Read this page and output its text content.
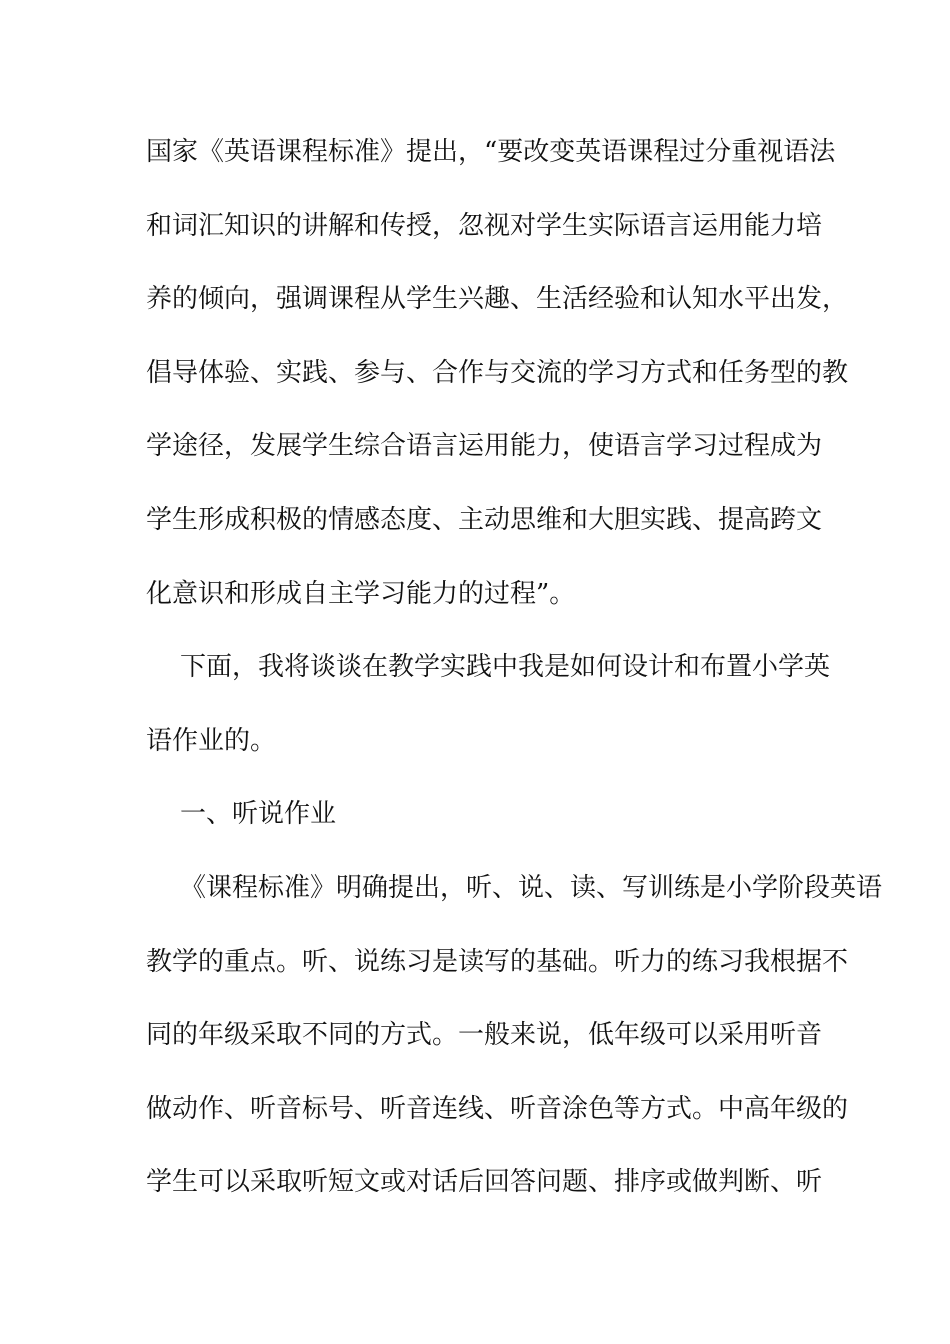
国家《英语课程标准》提出，“要改变英语课程过分重视语法
和词汇知识的讲解和传授，忽视对学生实际语言运用能力培
养的倾向，强调课程从学生兴趣、生活经验和认知水平出发，
倡导体验、实践、参与、合作与交流的学习方式和任务型的教
学途径，发展学生综合语言运用能力，使语言学习过程成为
学生形成积极的情感态度、主动思维和大胆实践、提高跨文
化意识和形成自主学习能力的过程”。
下面，我将谈谈在教学实践中我是如何设计和布置小学英
语作业的。
一、听说作业
《课程标准》明确提出，听、说、读、写训练是小学阶段英语
教学的重点。听、说练习是读写的基础。听力的练习我根据不
同的年级采取不同的方式。一般来说，低年级可以采用听音
做动作、听音标号、听音连线、听音涂色等方式。中高年级的
学生可以采取听短文或对话后回答问题、排序或做判断、听
